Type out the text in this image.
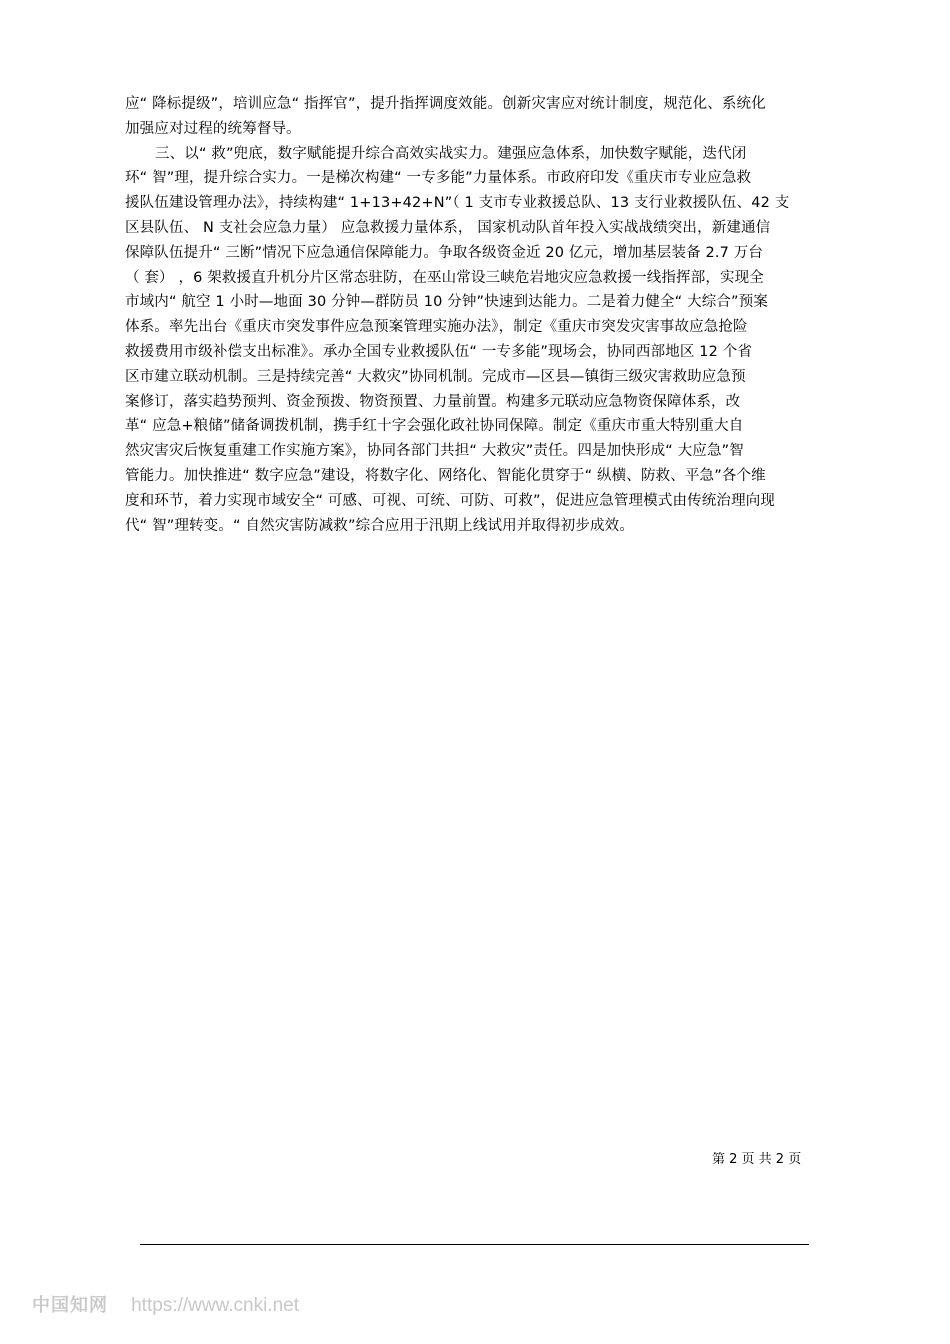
应“ 降标提级”，培训应急“ 指挥官”，提升指挥调度效能。创新灾害应对统计制度，规范化、系统化
加强应对过程的统筹督导。
三、以“ 救”兜底，数字赋能提升综合高效实战实力。建强应急体系，加快数字赋能，迭代闭
环“ 智”理，提升综合实力。一是梯次构建“ 一专多能”力量体系。市政府印发《重庆市专业应急救
援队伍建设管理办法》，持续构建“ 1+13+42+N”（ 1 支市专业救援总队、13 支行业救援队伍、42 支
区县队伍、 N 支社会应急力量） 应急救援力量体系， 国家机动队首年投入实战战绩突出，新建通信
保障队伍提升“ 三断”情况下应急通信保障能力。争取各级资金近 20 亿元，增加基层装备 2.7 万台
（ 套） ，6 架救援直升机分片区常态驻防，在巫山常设三峡危岩地灾应急救援一线指挥部，实现全
市域内“ 航空 1 小时—地面 30 分钟—群防员 10 分钟”快速到达能力。二是着力健全“ 大综合”预案
体系。率先出台《重庆市突发事件应急预案管理实施办法》，制定《重庆市突发灾害事故应急抢险
救援费用市级补偿支出标准》。承办全国专业救援队伍“ 一专多能”现场会，协同西部地区 12 个省
区市建立联动机制。三是持续完善“ 大救灾”协同机制。完成市—区县—镇街三级灾害救助应急预
案修订，落实趋势预判、资金预拨、物资预置、力量前置。构建多元联动应急物资保障体系，改
革“ 应急+粮储”储备调拨机制，携手红十字会强化政社协同保障。制定《重庆市重大特别重大自
然灾害灾后恢复重建工作实施方案》，协同各部门共担“ 大救灾”责任。四是加快形成“ 大应急”智
管能力。加快推进“ 数字应急”建设，将数字化、网络化、智能化贯穿于“ 纵横、防救、平急”各个维
度和环节，着力实现市域安全“ 可感、可视、可统、可防、可救”，促进应急管理模式由传统治理向现
代“ 智”理转变。“ 自然灾害防减救”综合应用于汛期上线试用并取得初步成效。
第 2 页 共 2 页
中国知网 https://www.cnki.net
